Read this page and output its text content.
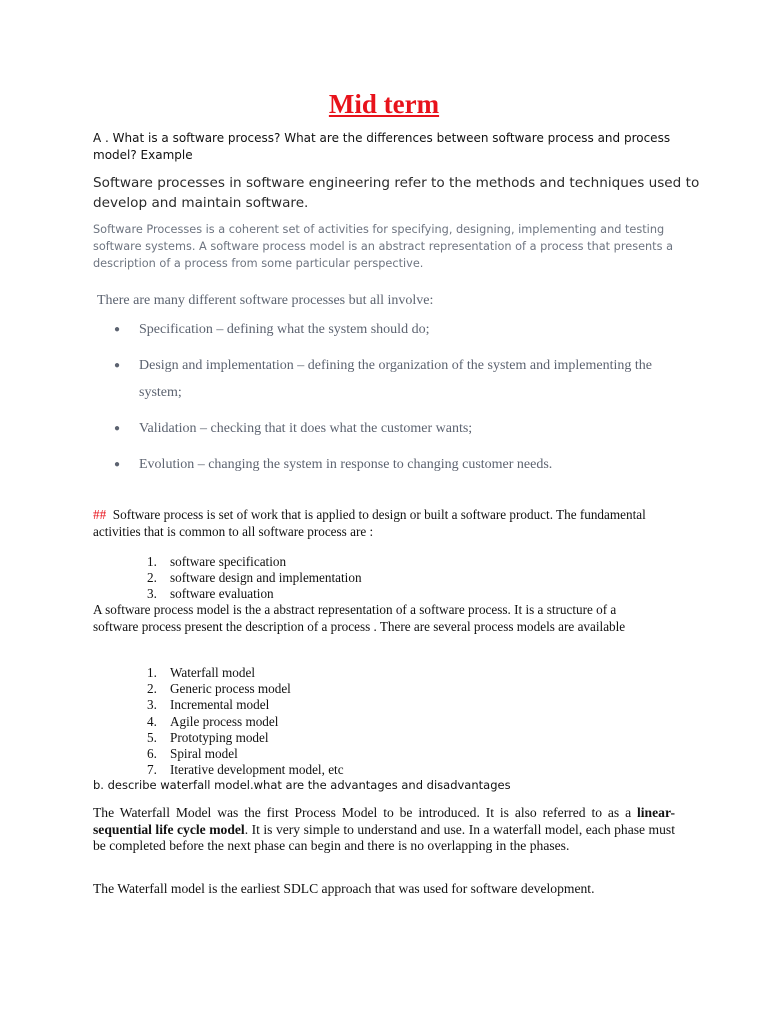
Mid term

A . What is a software process? What are the differences between software process and process model? Example

Software processes in software engineering refer to the methods and techniques used to develop and maintain software.

Software Processes is a coherent set of activities for specifying, designing, implementing and testing software systems. A software process model is an abstract representation of a process that presents a description of a process from some particular perspective.

There are many different software processes but all involve:

● Specification – defining what the system should do;
● Design and implementation – defining the organization of the system and implementing the system;
● Validation – checking that it does what the customer wants;
● Evolution – changing the system in response to changing customer needs.

## Software process is set of work that is applied to design or built a software product. The fundamental activities that is common to all software process are :

1. software specification
2. software design and implementation
3. software evaluation

A software process model is the a abstract representation of a software process. It is a structure of a software process present the description of a process . There are several process models are available

1. Waterfall model
2. Generic process model
3. Incremental model
4. Agile process model
5. Prototyping model
6. Spiral model
7. Iterative development model, etc

b. describe waterfall model.what are the advantages and disadvantages

The Waterfall Model was the first Process Model to be introduced. It is also referred to as a linear-sequential life cycle model. It is very simple to understand and use. In a waterfall model, each phase must be completed before the next phase can begin and there is no overlapping in the phases.

The Waterfall model is the earliest SDLC approach that was used for software development.
